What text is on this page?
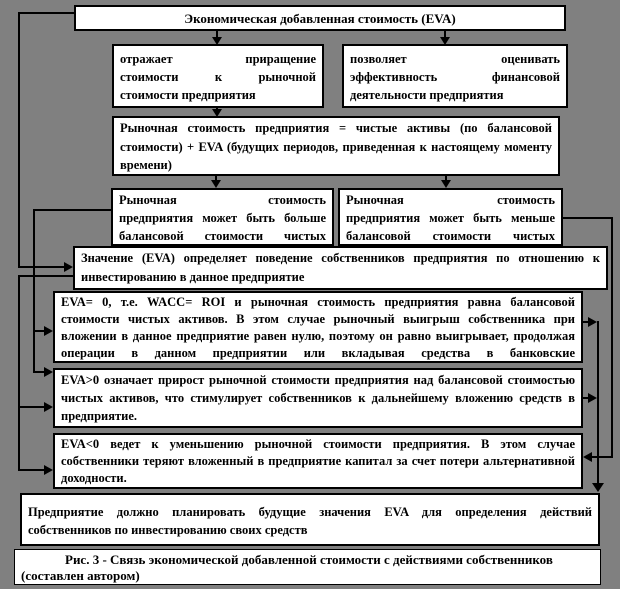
Экономическая добавленная стоимость (EVA)
отражает приращение
стоимости к рыночной
стоимости предприятия
позволяет оценивать
эффективность финансовой
деятельности предприятия
Рыночная стоимость предприятия = чистые активы (по балансовой стоимости) + EVA (будущих периодов, приведенная к настоящему моменту времени)
Рыночная стоимость
предприятия может быть больше
балансовой стоимости чистых
Рыночная стоимость
предприятия может быть меньше
балансовой стоимости чистых
Значение (EVA) определяет поведение собственников предприятия по отношению к инвестированию в данное предприятие
EVA= 0, т.е. WACC= ROI и рыночная стоимость предприятия равна балансовой стоимости чистых активов. В этом случае рыночный выигрыш собственника при вложении в данное предприятие равен нулю, поэтому он равно выигрывает, продолжая операции в данном предприятии или вкладывая средства в банковские
EVA>0 означает прирост рыночной стоимости предприятия над балансовой стоимостью чистых активов, что стимулирует собственников к дальнейшему вложению средств в предприятие.
EVA<0 ведет к уменьшению рыночной стоимости предприятия. В этом случае собственники теряют вложенный в предприятие капитал за счет потери альтернативной доходности.
Предприятие должно планировать будущие значения EVA для определения действий собственников по инвестированию своих средств
Рис. 3 - Связь экономической добавленной стоимости с действиями собственников (составлен автором)
